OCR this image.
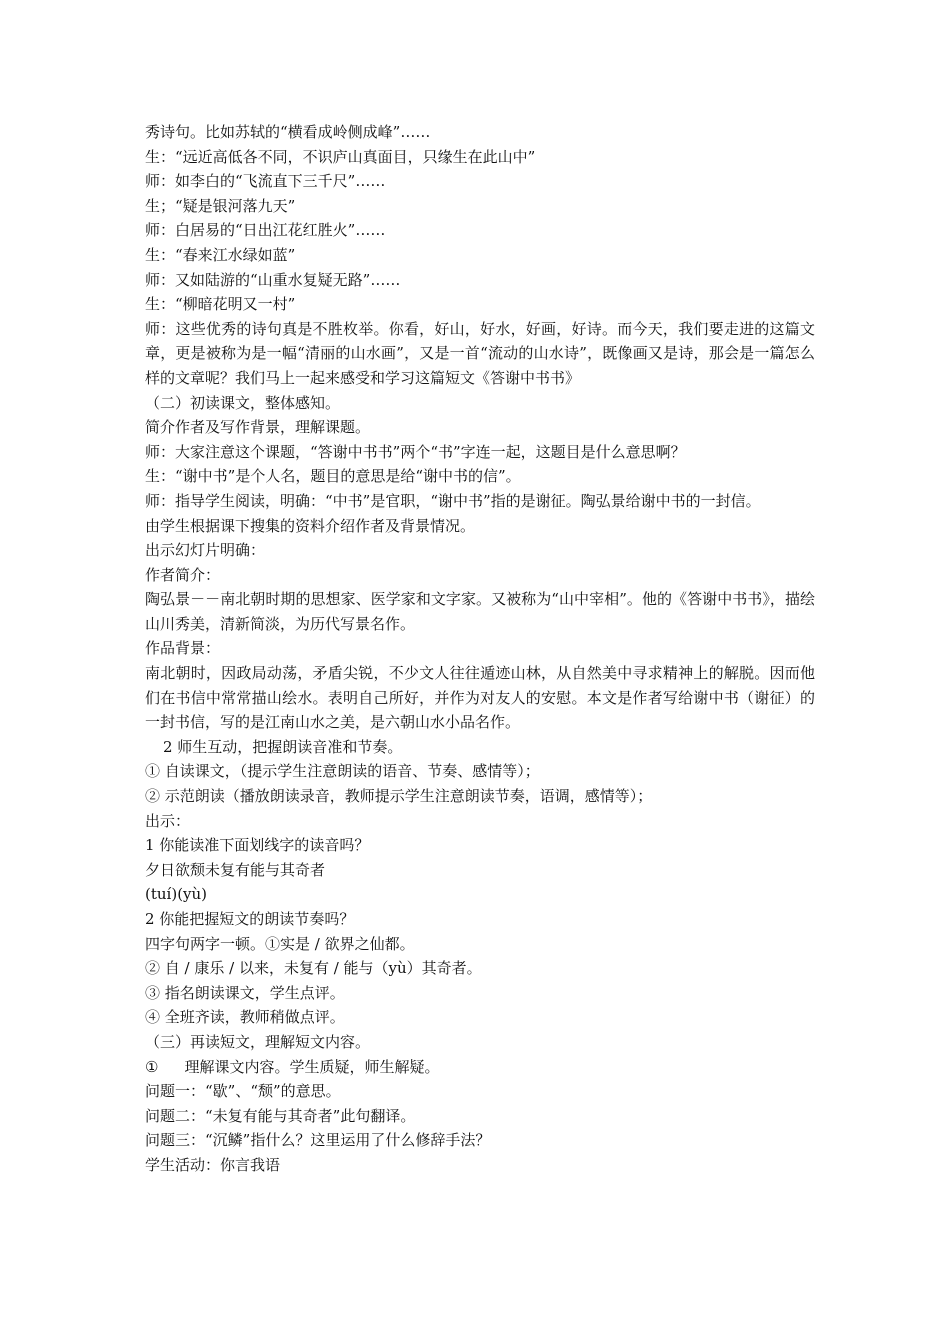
秀诗句。比如苏轼的“横看成岭侧成峰”……
生：“远近高低各不同，不识庐山真面目，只缘生在此山中”
师：如李白的“飞流直下三千尺”……
生；“疑是银河落九天”
师：白居易的“日出江花红胜火”……
生：“春来江水绿如蓝”
师：又如陆游的“山重水复疑无路”……
生：“柳暗花明又一村”
师：这些优秀的诗句真是不胜枚举。你看，好山，好水，好画，好诗。而今天，我们要走进的这篇文章，更是被称为是一幅“清丽的山水画”，又是一首“流动的山水诗”，既像画又是诗，那会是一篇怎么样的文章呢？我们马上一起来感受和学习这篇短文《答谢中书书》
（二）初读课文，整体感知。
简介作者及写作背景，理解课题。
师：大家注意这个课题，“答谢中书书”两个“书”字连一起，这题目是什么意思啊？
生：“谢中书”是个人名，题目的意思是给“谢中书的信”。
师：指导学生阅读，明确：“中书”是官职，“谢中书”指的是谢征。陶弘景给谢中书的一封信。
由学生根据课下搜集的资料介绍作者及背景情况。
出示幻灯片明确：
作者简介：
陶弘景－－南北朝时期的思想家、医学家和文字家。又被称为“山中宰相”。他的《答谢中书书》，描绘山川秀美，清新简淡，为历代写景名作。
作品背景：
南北朝时，因政局动荡，矛盾尖锐，不少文人往往遁迹山林，从自然美中寻求精神上的解脱。因而他们在书信中常常描山绘水。表明自己所好，并作为对友人的安慰。本文是作者写给谢中书（谢征）的一封书信，写的是江南山水之美，是六朝山水小品名作。
2 师生互动，把握朗读音准和节奏。
① 自读课文，（提示学生注意朗读的语音、节奏、感情等）；
② 示范朗读（播放朗读录音，教师提示学生注意朗读节奏，语调，感情等）；
出示：
1 你能读准下面划线字的读音吗？
夕日欲颓未复有能与其奇者
(tuí)(yù)
2 你能把握短文的朗读节奏吗？
四字句两字一顿。①实是 / 欲界之仙都。
② 自 / 康乐 / 以来，未复有 / 能与（yù）其奇者。
③ 指名朗读课文，学生点评。
④ 全班齐读，教师稍做点评。
（三）再读短文，理解短文内容。
① 理解课文内容。学生质疑，师生解疑。
问题一：“歇”、“颓”的意思。
问题二：“未复有能与其奇者”此句翻译。
问题三：“沉鳞”指什么？这里运用了什么修辞手法？
学生活动：你言我语
